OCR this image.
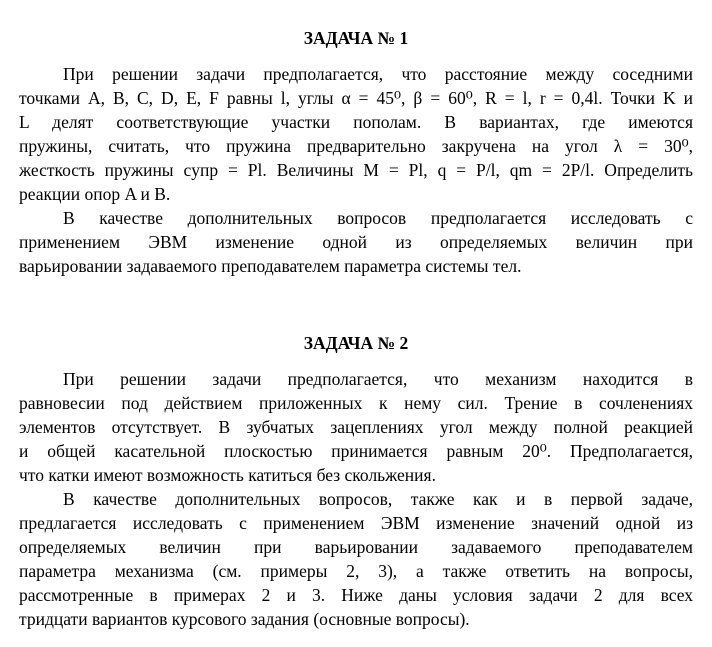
ЗАДАЧА № 1
При решении задачи предполагается, что расстояние между соседними
точками A, B, C, D, E, F равны l, углы α = 45⁰, β = 60⁰, R = l, r = 0,4l. Точки K и
L делят соответствующие участки пополам. В вариантах, где имеются
пружины, считать, что пружина предварительно закручена на угол λ = 30⁰,
жесткость пружины cупр = Pl. Величины M = Pl, q = P/l, qm = 2P/l. Определить
реакции опор A и B.
В качестве дополнительных вопросов предполагается исследовать с
применением ЭВМ изменение одной из определяемых величин при
варьировании задаваемого преподавателем параметра системы тел.
ЗАДАЧА № 2
При решении задачи предполагается, что механизм находится в
равновесии под действием приложенных к нему сил. Трение в сочленениях
элементов отсутствует. В зубчатых зацеплениях угол между полной реакцией
и общей касательной плоскостью принимается равным 20⁰. Предполагается,
что катки имеют возможность катиться без скольжения.
В качестве дополнительных вопросов, также как и в первой задаче,
предлагается исследовать с применением ЭВМ изменение значений одной из
определяемых величин при варьировании задаваемого преподавателем
параметра механизма (см. примеры 2, 3), а также ответить на вопросы,
рассмотренные в примерах 2 и 3. Ниже даны условия задачи 2 для всех
тридцати вариантов курсового задания (основные вопросы).
